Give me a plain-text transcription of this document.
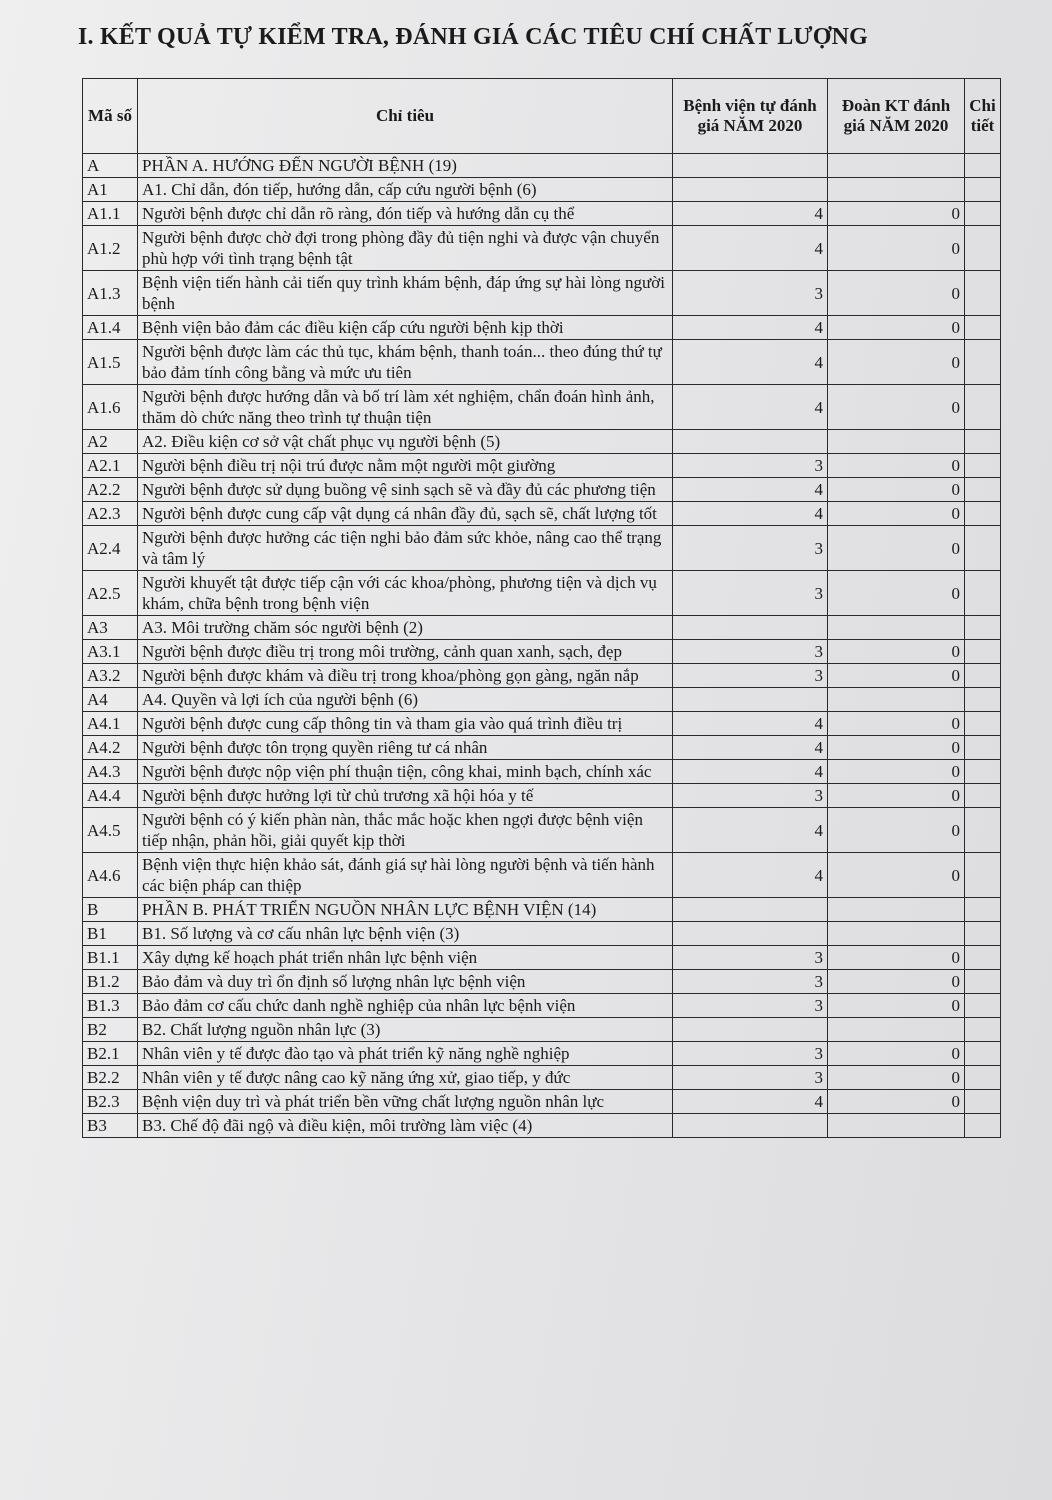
I. KẾT QUẢ TỰ KIỂM TRA, ĐÁNH GIÁ CÁC TIÊU CHÍ CHẤT LƯỢNG
Mã số	Chỉ tiêu	Bệnh viện tự đánh giá NĂM 2020	Đoàn KT đánh giá NĂM 2020	Chi tiết
A	PHẦN A. HƯỚNG ĐẾN NGƯỜI BỆNH (19)			
A1	A1. Chỉ dẫn, đón tiếp, hướng dẫn, cấp cứu người bệnh (6)			
A1.1	Người bệnh được chỉ dẫn rõ ràng, đón tiếp và hướng dẫn cụ thể	4	0	
A1.2	Người bệnh được chờ đợi trong phòng đầy đủ tiện nghi và được vận chuyển phù hợp với tình trạng bệnh tật	4	0	
A1.3	Bệnh viện tiến hành cải tiến quy trình khám bệnh, đáp ứng sự hài lòng người bệnh	3	0	
A1.4	Bệnh viện bảo đảm các điều kiện cấp cứu người bệnh kịp thời	4	0	
A1.5	Người bệnh được làm các thủ tục, khám bệnh, thanh toán... theo đúng thứ tự bảo đảm tính công bằng và mức ưu tiên	4	0	
A1.6	Người bệnh được hướng dẫn và bố trí làm xét nghiệm, chẩn đoán hình ảnh, thăm dò chức năng theo trình tự thuận tiện	4	0	
A2	A2. Điều kiện cơ sở vật chất phục vụ người bệnh (5)			
A2.1	Người bệnh điều trị nội trú được nằm một người một giường	3	0	
A2.2	Người bệnh được sử dụng buồng vệ sinh sạch sẽ và đầy đủ các phương tiện	4	0	
A2.3	Người bệnh được cung cấp vật dụng cá nhân đầy đủ, sạch sẽ, chất lượng tốt	4	0	
A2.4	Người bệnh được hưởng các tiện nghi bảo đảm sức khỏe, nâng cao thể trạng và tâm lý	3	0	
A2.5	Người khuyết tật được tiếp cận với các khoa/phòng, phương tiện và dịch vụ khám, chữa bệnh trong bệnh viện	3	0	
A3	A3. Môi trường chăm sóc người bệnh (2)			
A3.1	Người bệnh được điều trị trong môi trường, cảnh quan xanh, sạch, đẹp	3	0	
A3.2	Người bệnh được khám và điều trị trong khoa/phòng gọn gàng, ngăn nắp	3	0	
A4	A4. Quyền và lợi ích của người bệnh (6)			
A4.1	Người bệnh được cung cấp thông tin và tham gia vào quá trình điều trị	4	0	
A4.2	Người bệnh được tôn trọng quyền riêng tư cá nhân	4	0	
A4.3	Người bệnh được nộp viện phí thuận tiện, công khai, minh bạch, chính xác	4	0	
A4.4	Người bệnh được hưởng lợi từ chủ trương xã hội hóa y tế	3	0	
A4.5	Người bệnh có ý kiến phàn nàn, thắc mắc hoặc khen ngợi được bệnh viện tiếp nhận, phản hồi, giải quyết kịp thời	4	0	
A4.6	Bệnh viện thực hiện khảo sát, đánh giá sự hài lòng người bệnh và tiến hành các biện pháp can thiệp	4	0	
B	PHẦN B. PHÁT TRIỂN NGUỒN NHÂN LỰC BỆNH VIỆN (14)			
B1	B1. Số lượng và cơ cấu nhân lực bệnh viện (3)			
B1.1	Xây dựng kế hoạch phát triển nhân lực bệnh viện	3	0	
B1.2	Bảo đảm và duy trì ổn định số lượng nhân lực bệnh viện	3	0	
B1.3	Bảo đảm cơ cấu chức danh nghề nghiệp của nhân lực bệnh viện	3	0	
B2	B2. Chất lượng nguồn nhân lực (3)			
B2.1	Nhân viên y tế được đào tạo và phát triển kỹ năng nghề nghiệp	3	0	
B2.2	Nhân viên y tế được nâng cao kỹ năng ứng xử, giao tiếp, y đức	3	0	
B2.3	Bệnh viện duy trì và phát triển bền vững chất lượng nguồn nhân lực	4	0	
B3	B3. Chế độ đãi ngộ và điều kiện, môi trường làm việc (4)			
